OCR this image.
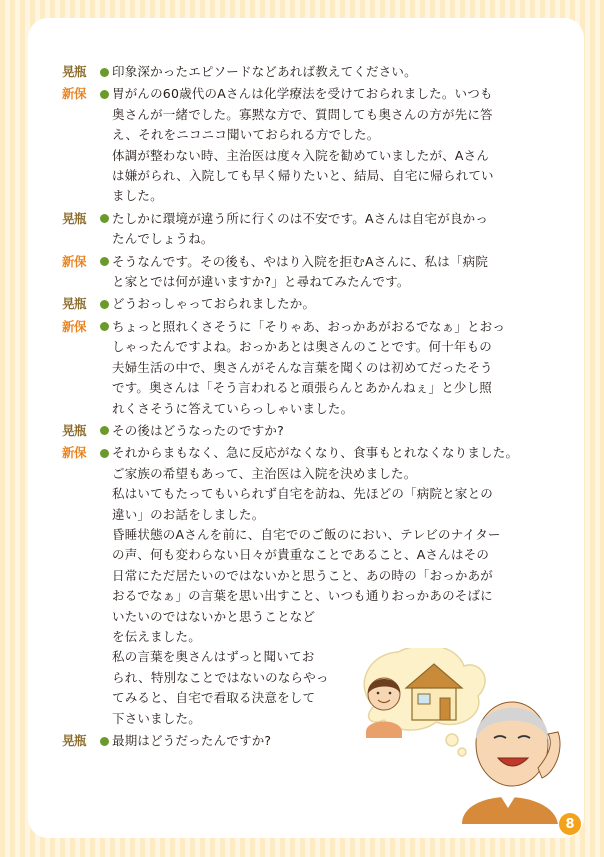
晃瓶	印象深かったエピソードなどあれば教えてください。
新保	胃がんの60歳代のAさんは化学療法を受けておられました。いつも
奥さんが一緒でした。寡黙な方で、質問しても奥さんの方が先に答
え、それをニコニコ聞いておられる方でした。
体調が整わない時、主治医は度々入院を勧めていましたが、Aさん
は嫌がられ、入院しても早く帰りたいと、結局、自宅に帰られてい
ました。
晃瓶	たしかに環境が違う所に行くのは不安です。Aさんは自宅が良かっ
たんでしょうね。
新保	そうなんです。その後も、やはり入院を拒むAさんに、私は「病院
と家とでは何が違いますか?」と尋ねてみたんです。
晃瓶	どうおっしゃっておられましたか。
新保	ちょっと照れくさそうに「そりゃあ、おっかあがおるでなぁ」とおっ
しゃったんですよね。おっかあとは奥さんのことです。何十年もの
夫婦生活の中で、奥さんがそんな言葉を聞くのは初めてだったそう
です。奥さんは「そう言われると頑張らんとあかんねぇ」と少し照
れくさそうに答えていらっしゃいました。
晃瓶	その後はどうなったのですか?
新保	それからまもなく、急に反応がなくなり、食事もとれなくなりました。
ご家族の希望もあって、主治医は入院を決めました。
私はいてもたってもいられず自宅を訪ね、先ほどの「病院と家との
違い」のお話をしました。
昏睡状態のAさんを前に、自宅でのご飯のにおい、テレビのナイター
の声、何も変わらない日々が貴重なことであること、Aさんはその
日常にただ居たいのではないかと思うこと、あの時の「おっかあが
おるでなぁ」の言葉を思い出すこと、いつも通りおっかあのそばに
いたいのではないかと思うことなど
を伝えました。
私の言葉を奥さんはずっと聞いてお
られ、特別なことではないのならやっ
てみると、自宅で看取る決意をして
下さいました。
晃瓶	最期はどうだったんですか?
8
